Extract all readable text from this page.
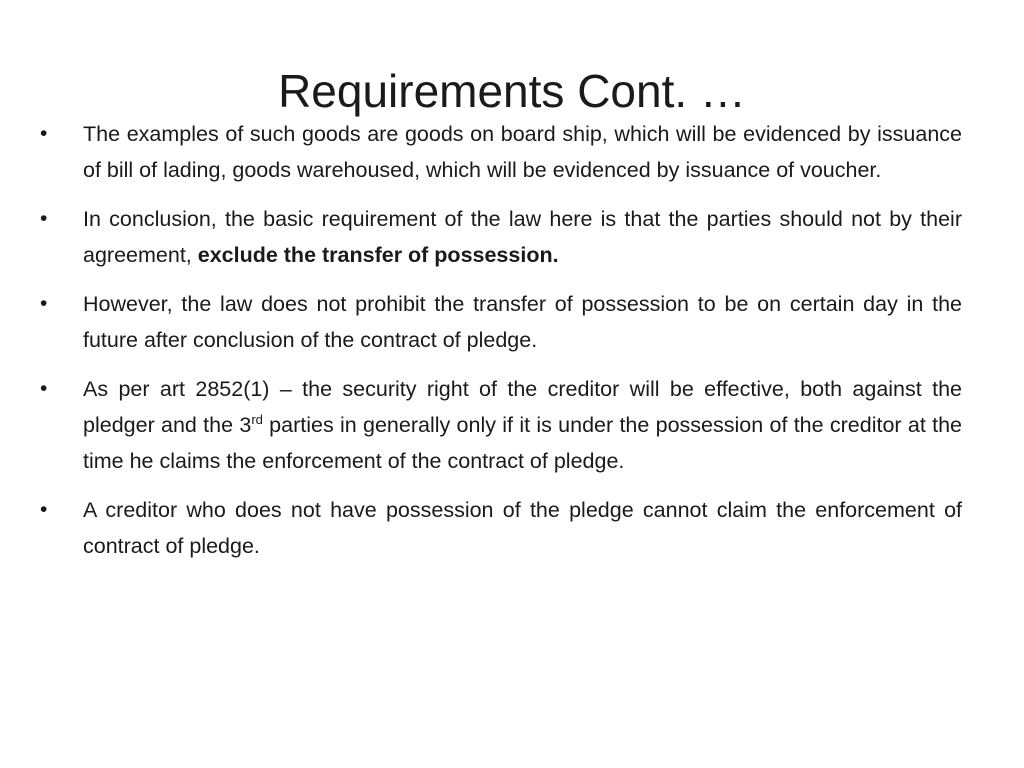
Requirements Cont. …
•	The examples of such goods are goods on board ship, which will be evidenced by issuance of bill of lading, goods warehoused, which will be evidenced by issuance of voucher.
•	In conclusion, the basic requirement of the law here is that the parties should not by their agreement, exclude the transfer of possession.
•	However, the law does not prohibit the transfer of possession to be on certain day in the future after conclusion of the contract of pledge.
•	As per art 2852(1) – the security right of the creditor will be effective, both against the pledger and the 3rd parties in generally only if it is under the possession of the creditor at the time he claims the enforcement of the contract of pledge.
•	A creditor who does not have possession of the pledge cannot claim the enforcement of contract of pledge.
